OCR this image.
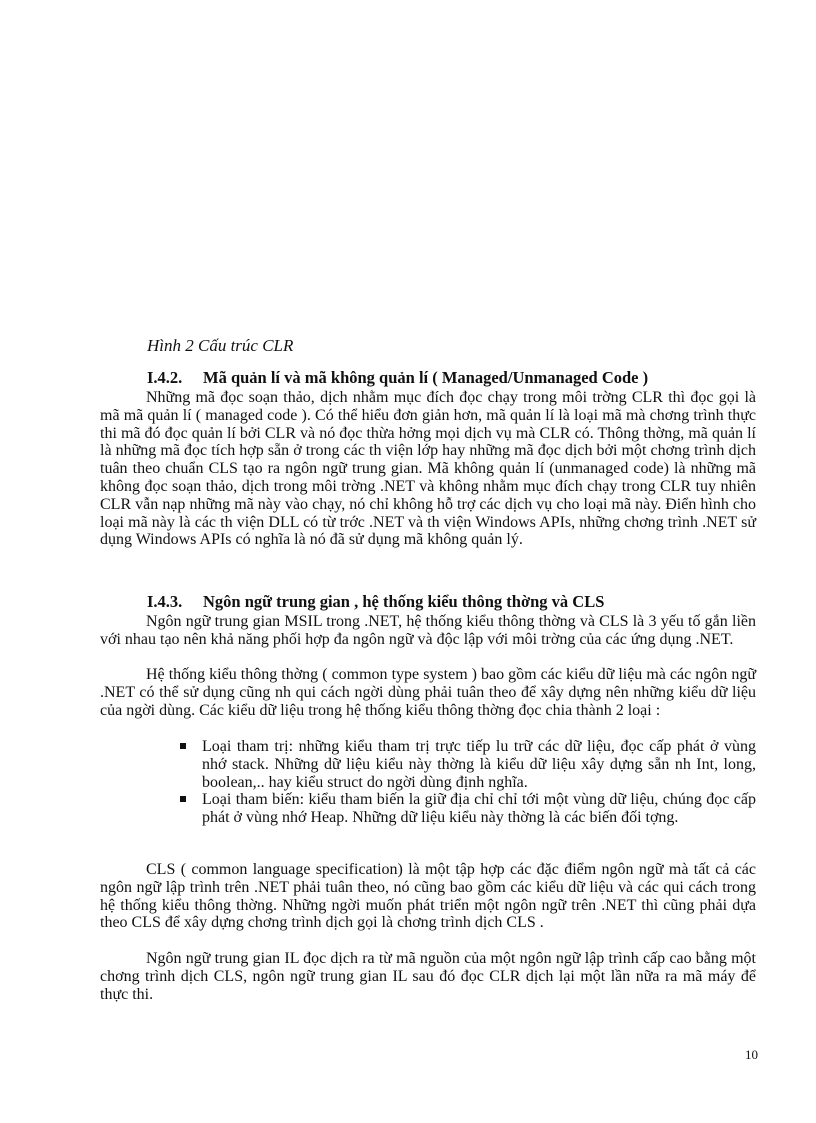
Hình 2 Cấu trúc CLR
I.4.2. Mã quản lí và mã không quản lí ( Managed/Unmanaged Code )

Những mã đọc soạn thảo, dịch nhằm mục đích đọc chạy trong môi trờng CLR thì đọc gọi là mã mã quản lí ( managed code ). Có thể hiểu đơn giản hơn, mã quản lí là loại mã mà chơng trình thực thi mã đó đọc quản lí bởi CLR và nó đọc thừa hởng mọi dịch vụ mà CLR có. Thông thờng, mã quản lí là những mã đọc tích hợp sẵn ở trong các th viện lớp hay những mã đọc dịch bởi một chơng trình dịch tuân theo chuẩn CLS tạo ra ngôn ngữ trung gian. Mã không quản lí (unmanaged code) là những mã không đọc soạn thảo, dịch trong môi trờng .NET và không nhằm mục đích chạy trong CLR tuy nhiên CLR vẫn nạp những mã này vào chạy, nó chỉ không hỗ trợ các dịch vụ cho loại mã này. Điển hình cho loại mã này là các th viện DLL có từ trớc .NET và th viện Windows APIs, những chơng trình .NET sử dụng Windows APIs có nghĩa là nó đã sử dụng mã không quản lý.

I.4.3. Ngôn ngữ trung gian , hệ thống kiểu thông thờng và CLS

Ngôn ngữ trung gian MSIL trong .NET, hệ thống kiểu thông thờng và CLS là 3 yếu tố gắn liền với nhau tạo nên khả năng phối hợp đa ngôn ngữ và độc lập với môi trờng của các ứng dụng .NET.

Hệ thống kiểu thông thờng ( common type system ) bao gồm các kiểu dữ liệu mà các ngôn ngữ .NET có thể sử dụng cũng nh qui cách ngời dùng phải tuân theo để xây dựng nên những kiểu dữ liệu của ngời dùng. Các kiểu dữ liệu trong hệ thống kiểu thông thờng đọc chia thành 2 loại :

Loại tham trị: những kiểu tham trị trực tiếp lu trữ các dữ liệu, đọc cấp phát ở vùng nhớ stack. Những dữ liệu kiểu này thờng là kiểu dữ liệu xây dựng sẵn nh Int, long, boolean,.. hay kiểu struct do ngời dùng định nghĩa.
Loại tham biến: kiểu tham biến la giữ địa chỉ chỉ tới một vùng dữ liệu, chúng đọc cấp phát ở vùng nhớ Heap. Những dữ liệu kiểu này thờng là các biến đối tợng.

CLS ( common language specification) là một tập hợp các đặc điểm ngôn ngữ mà tất cả các ngôn ngữ lập trình trên .NET phải tuân theo, nó cũng bao gồm các kiểu dữ liệu và các qui cách trong hệ thống kiểu thông thờng. Những ngời muốn phát triển một ngôn ngữ trên .NET thì cũng phải dựa theo CLS để xây dựng chơng trình dịch gọi là chơng trình dịch CLS .

Ngôn ngữ trung gian IL đọc dịch ra từ mã nguồn của một ngôn ngữ lập trình cấp cao bằng một chơng trình dịch CLS, ngôn ngữ trung gian IL sau đó đọc CLR dịch lại một lần nữa ra mã máy để thực thi.

10
